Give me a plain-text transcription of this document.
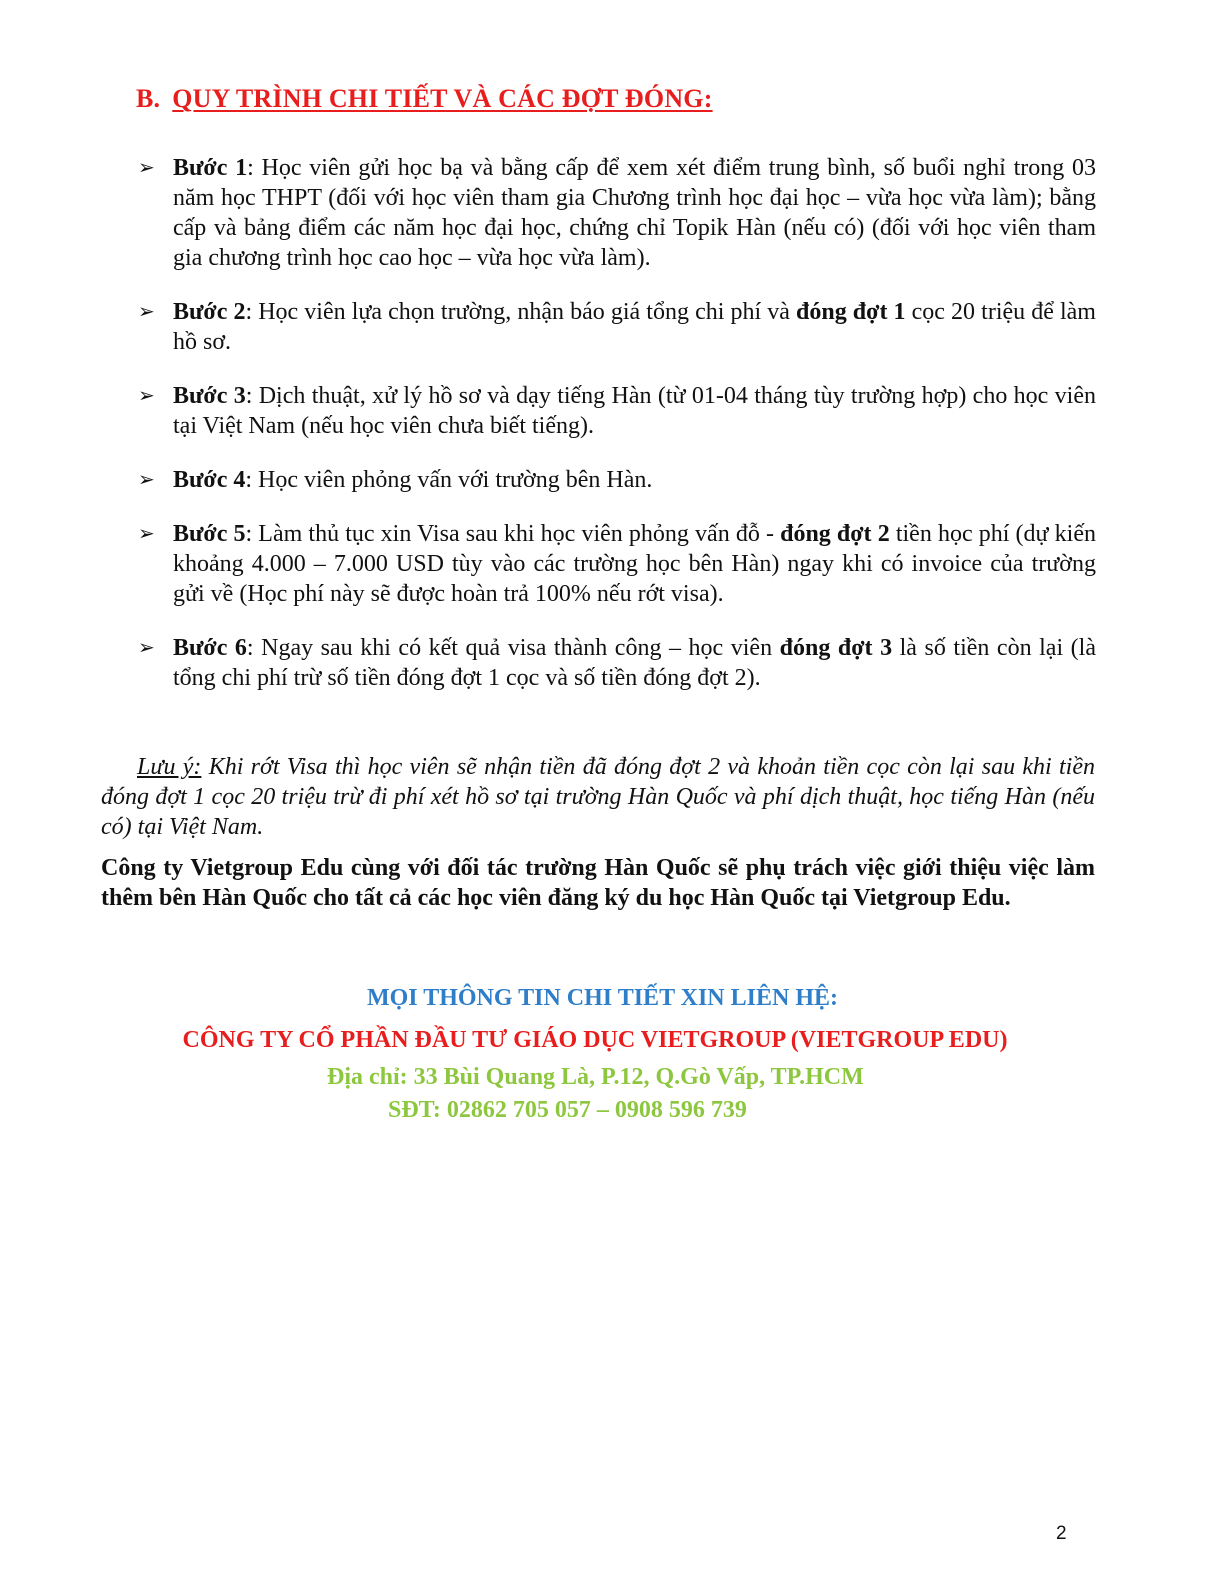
B. QUY TRÌNH CHI TIẾT VÀ CÁC ĐỢT ĐÓNG:
➢ Bước 1: Học viên gửi học bạ và bằng cấp để xem xét điểm trung bình, số buổi nghỉ trong 03 năm học THPT (đối với học viên tham gia Chương trình học đại học – vừa học vừa làm); bằng cấp và bảng điểm các năm học đại học, chứng chỉ Topik Hàn (nếu có) (đối với học viên tham gia chương trình học cao học – vừa học vừa làm).
➢ Bước 2: Học viên lựa chọn trường, nhận báo giá tổng chi phí và đóng đợt 1 cọc 20 triệu để làm hồ sơ.
➢ Bước 3: Dịch thuật, xử lý hồ sơ và dạy tiếng Hàn (từ 01-04 tháng tùy trường hợp) cho học viên tại Việt Nam (nếu học viên chưa biết tiếng).
➢ Bước 4: Học viên phỏng vấn với trường bên Hàn.
➢ Bước 5: Làm thủ tục xin Visa sau khi học viên phỏng vấn đỗ - đóng đợt 2 tiền học phí (dự kiến khoảng 4.000 – 7.000 USD tùy vào các trường học bên Hàn) ngay khi có invoice của trường gửi về (Học phí này sẽ được hoàn trả 100% nếu rớt visa).
➢ Bước 6: Ngay sau khi có kết quả visa thành công – học viên đóng đợt 3 là số tiền còn lại (là tổng chi phí trừ số tiền đóng đợt 1 cọc và số tiền đóng đợt 2).

Lưu ý: Khi rớt Visa thì học viên sẽ nhận tiền đã đóng đợt 2 và khoản tiền cọc còn lại sau khi tiền đóng đợt 1 cọc 20 triệu trừ đi phí xét hồ sơ tại trường Hàn Quốc và phí dịch thuật, học tiếng Hàn (nếu có) tại Việt Nam.

Công ty Vietgroup Edu cùng với đối tác trường Hàn Quốc sẽ phụ trách việc giới thiệu việc làm thêm bên Hàn Quốc cho tất cả các học viên đăng ký du học Hàn Quốc tại Vietgroup Edu.

MỌI THÔNG TIN CHI TIẾT XIN LIÊN HỆ:
CÔNG TY CỔ PHẦN ĐẦU TƯ GIÁO DỤC VIETGROUP (VIETGROUP EDU)
Địa chỉ: 33 Bùi Quang Là, P.12, Q.Gò Vấp, TP.HCM
SĐT: 02862 705 057 – 0908 596 739
2
